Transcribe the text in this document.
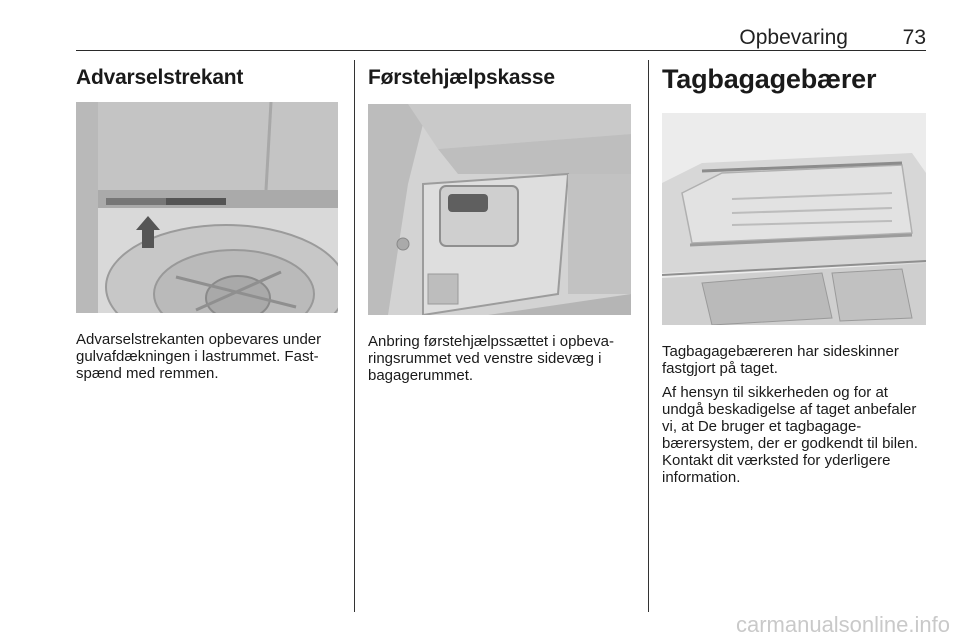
Opbevaring	73
Advarselstrekant

Advarselstrekanten opbevares under gulvafdækningen i lastrummet. Fastspænd med remmen.

Førstehjælpskasse

Anbring førstehjælpssættet i opbevaringsrummet ved venstre sidevæg i bagagerummet.

Tagbagagebærer

Tagbagagebæreren har sideskinner fastgjort på taget.

Af hensyn til sikkerheden og for at undgå beskadigelse af taget anbefaler vi, at De bruger et tagbagagebærersystem, der er godkendt til bilen. Kontakt dit værksted for yderligere information.

carmanualsonline.info
